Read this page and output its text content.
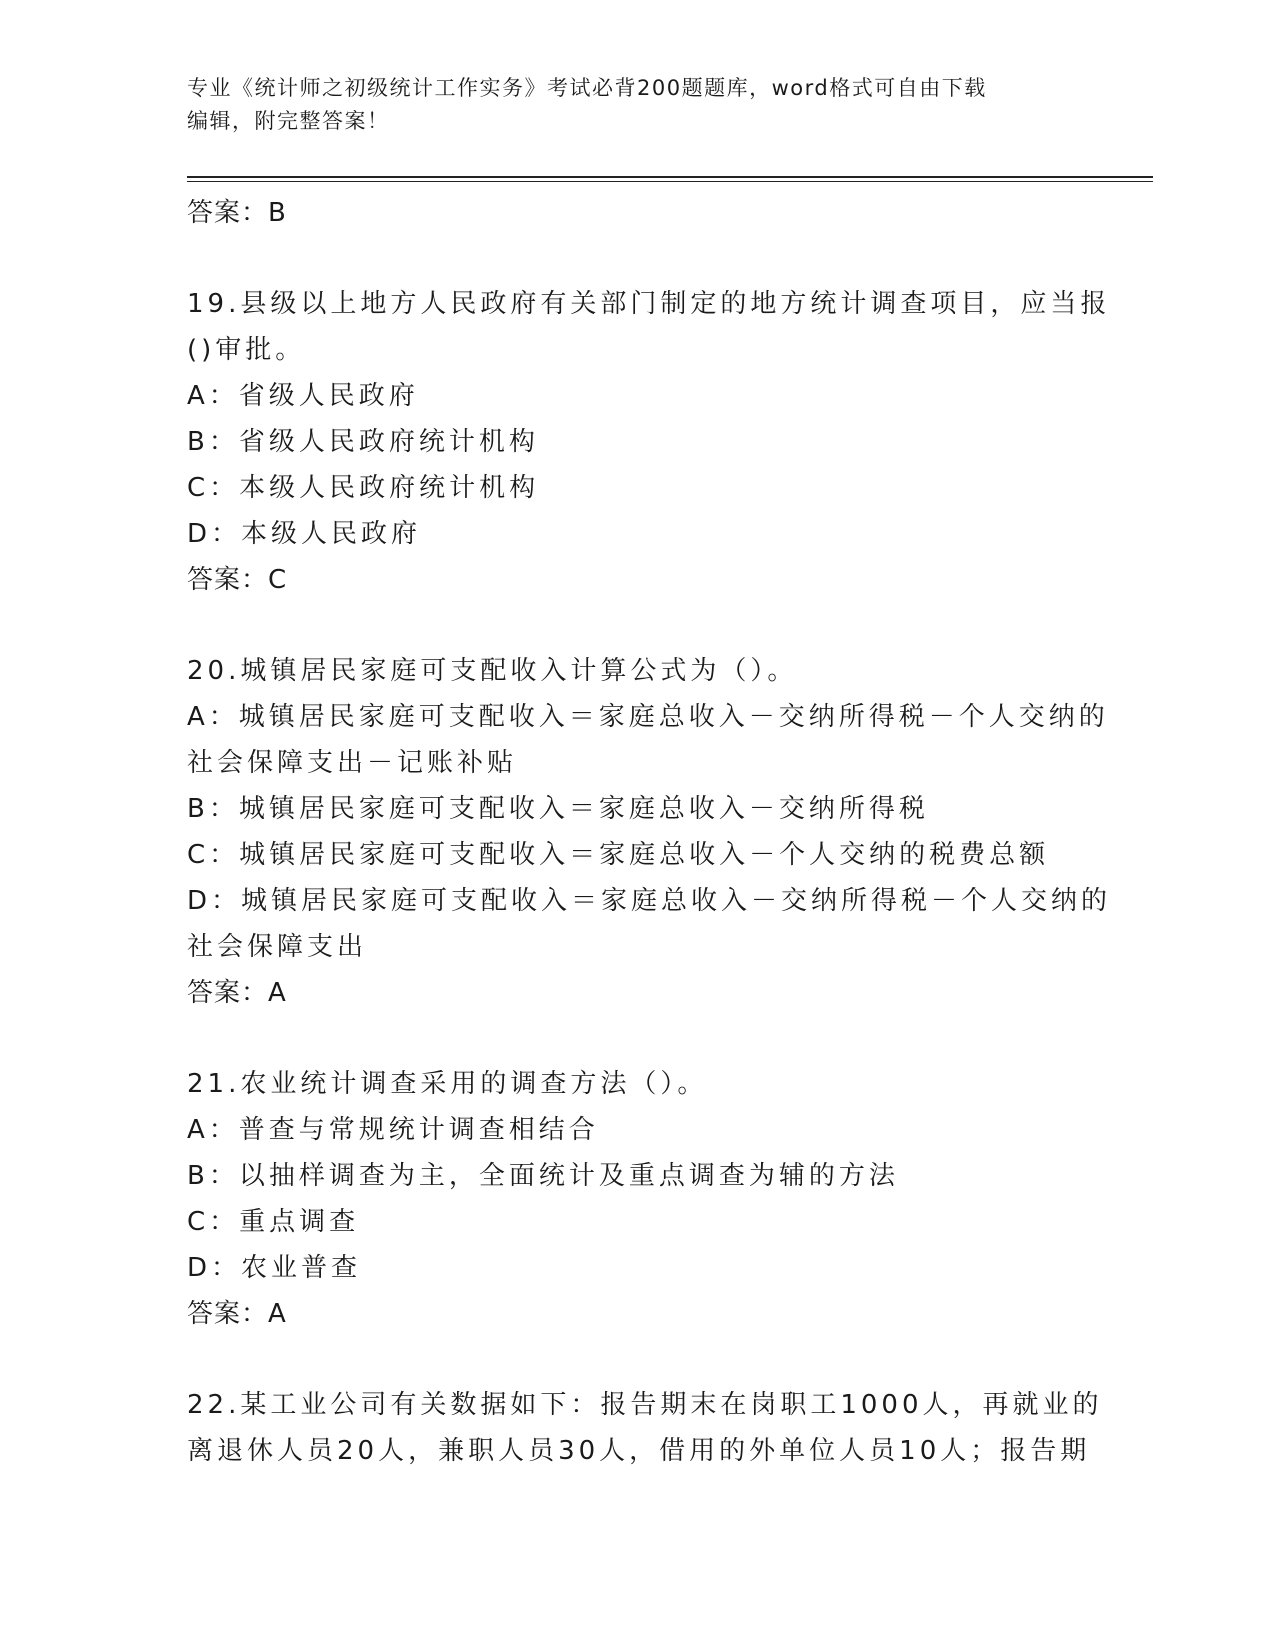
专业《统计师之初级统计工作实务》考试必背200题题库，word格式可自由下载
编辑，附完整答案！
答案：B
19.县级以上地方人民政府有关部门制定的地方统计调查项目，应当报
()审批。
A：省级人民政府
B：省级人民政府统计机构
C：本级人民政府统计机构
D：本级人民政府
答案：C
20.城镇居民家庭可支配收入计算公式为（）。
A：城镇居民家庭可支配收入＝家庭总收入－交纳所得税－个人交纳的
社会保障支出－记账补贴
B：城镇居民家庭可支配收入＝家庭总收入－交纳所得税
C：城镇居民家庭可支配收入＝家庭总收入－个人交纳的税费总额
D：城镇居民家庭可支配收入＝家庭总收入－交纳所得税－个人交纳的
社会保障支出
答案：A
21.农业统计调查采用的调查方法（）。
A：普查与常规统计调查相结合
B：以抽样调查为主，全面统计及重点调查为辅的方法
C：重点调查
D：农业普查
答案：A
22.某工业公司有关数据如下：报告期末在岗职工1000人，再就业的
离退休人员20人，兼职人员30人，借用的外单位人员10人；报告期
